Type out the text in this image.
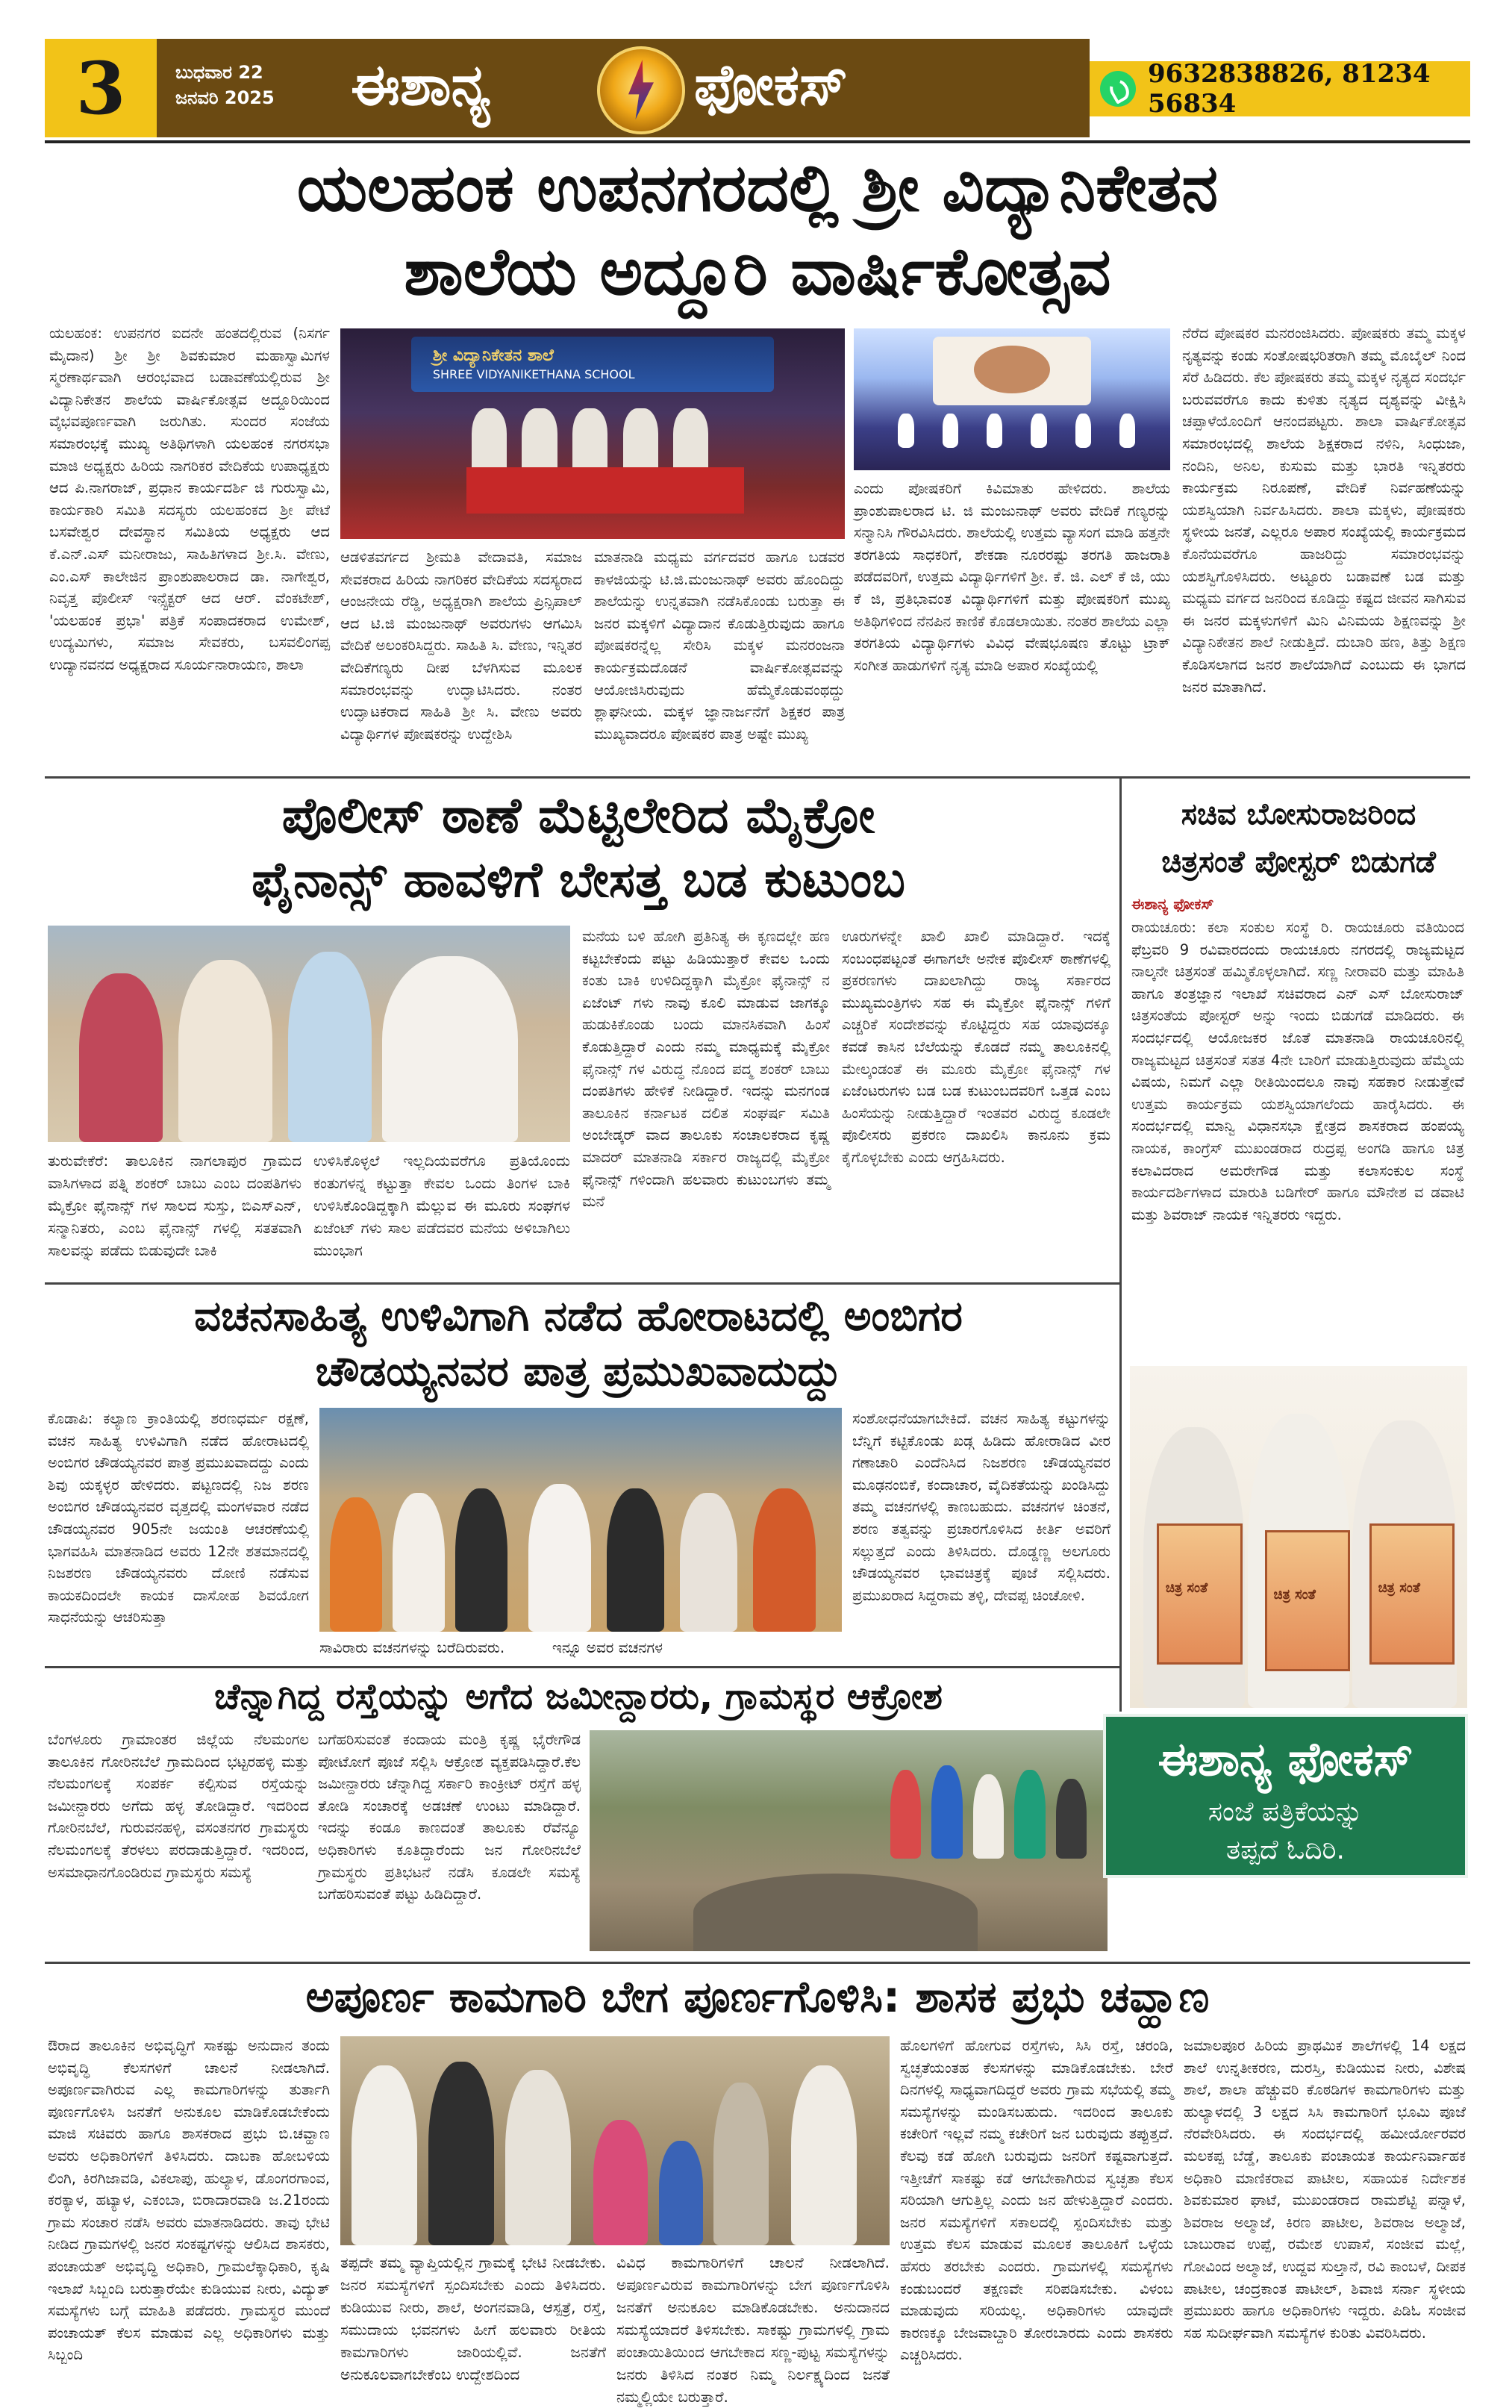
3	ಬುಧವಾರ 22
ಜನವರಿ 2025	ಈಶಾನ್ಯ	ಫೋಕಸ್	9632838826, 81234 56834
ಯಲಹಂಕ ಉಪನಗರದಲ್ಲಿ ಶ್ರೀ ವಿದ್ಯಾನಿಕೇತನ
ಶಾಲೆಯ ಅದ್ದೂರಿ ವಾರ್ಷಿಕೋತ್ಸವ
ಯಲಹಂಕ: ಉಪನಗರ ಐದನೇ ಹಂತದಲ್ಲಿರುವ (ನಿಸರ್ಗ ಮೈದಾನ) ಶ್ರೀ ಶ್ರೀ ಶಿವಕುಮಾರ ಮಹಾಸ್ವಾಮಿಗಳ ಸ್ಮರಣಾರ್ಥವಾಗಿ ಆರಂಭವಾದ ಬಡಾವಣೆಯಲ್ಲಿರುವ ಶ್ರೀ ವಿದ್ಯಾನಿಕೇತನ ಶಾಲೆಯ ವಾರ್ಷಿಕೋತ್ಸವ ಅದ್ದೂರಿಯಿಂದ ವೈಭವಪೂರ್ಣವಾಗಿ ಜರುಗಿತು. ಸುಂದರ ಸಂಜೆಯ ಸಮಾರಂಭಕ್ಕೆ ಮುಖ್ಯ ಅತಿಥಿಗಳಾಗಿ ಯಲಹಂಕ ನಗರಸಭಾ ಮಾಜಿ ಅಧ್ಯಕ್ಷರು ಹಿರಿಯ ನಾಗರಿಕರ ವೇದಿಕೆಯ ಉಪಾಧ್ಯಕ್ಷರು ಆದ ಪಿ.ನಾಗರಾಜ್, ಪ್ರಧಾನ ಕಾರ್ಯದರ್ಶಿ ಜಿ ಗುರುಸ್ವಾಮಿ, ಕಾರ್ಯಕಾರಿ ಸಮಿತಿ ಸದಸ್ಯರು ಯಲಹಂಕದ ಶ್ರೀ ಪೇಟೆ ಬಸವೇಶ್ವರ ದೇವಸ್ಥಾನ ಸಮಿತಿಯ ಅಧ್ಯಕ್ಷರು ಆದ ಕೆ.ಎನ್.ಎಸ್ ಮನೀರಾಜು, ಸಾಹಿತಿಗಳಾದ ಶ್ರೀ.ಸಿ. ವೇಣು, ಎಂ.ಎಸ್ ಕಾಲೇಜಿನ ಪ್ರಾಂಶುಪಾಲರಾದ ಡಾ. ನಾಗೇಶ್ವರ, ನಿವೃತ್ತ ಪೊಲೀಸ್ ಇನ್ಸ್ಪೆಕ್ಟರ್ ಆದ ಆರ್. ವೆಂಕಟೇಶ್, 'ಯಲಹಂಕ ಪ್ರಭಾ' ಪತ್ರಿಕೆ ಸಂಪಾದಕರಾದ ಉಮೇಶ್, ಉದ್ಯಮಿಗಳು, ಸಮಾಜ ಸೇವಕರು, ಬಸವಲಿಂಗಪ್ಪ ಉದ್ಯಾನವನದ ಅಧ್ಯಕ್ಷರಾದ ಸೂರ್ಯನಾರಾಯಣ, ಶಾಲಾ
ಶ್ರೀ ವಿದ್ಯಾನಿಕೇತನ ಶಾಲೆ
SHREE VIDYANIKETHANA SCHOOL
ಆಡಳಿತವರ್ಗದ ಶ್ರೀಮತಿ ವೇದಾವತಿ, ಸಮಾಜ ಸೇವಕರಾದ ಹಿರಿಯ ನಾಗರಿಕರ ವೇದಿಕೆಯ ಸದಸ್ಯರಾದ ಆಂಜನೇಯ ರೆಡ್ಡಿ, ಅಧ್ಯಕ್ಷರಾಗಿ ಶಾಲೆಯ ಪ್ರಿನ್ಸಿಪಾಲ್ ಆದ ಟಿ.ಜಿ ಮಂಜುನಾಥ್ ಅವರುಗಳು ಆಗಮಿಸಿ ವೇದಿಕೆ ಅಲಂಕರಿಸಿದ್ದರು. ಸಾಹಿತಿ ಸಿ. ವೇಣು, ಇನ್ನಿತರ ವೇದಿಕೆಗಣ್ಯರು ದೀಪ ಬೆಳಗಿಸುವ ಮೂಲಕ ಸಮಾರಂಭವನ್ನು ಉದ್ಘಾಟಿಸಿದರು. ನಂತರ ಉದ್ಘಾಟಕರಾದ ಸಾಹಿತಿ ಶ್ರೀ ಸಿ. ವೇಣು ಅವರು ವಿದ್ಯಾರ್ಥಿಗಳ ಪೋಷಕರನ್ನು ಉದ್ದೇಶಿಸಿ
ಮಾತನಾಡಿ ಮಧ್ಯಮ ವರ್ಗದವರ ಹಾಗೂ ಬಡವರ ಕಾಳಜಿಯನ್ನು ಟಿ.ಜಿ.ಮಂಜುನಾಥ್ ಅವರು ಹೊಂದಿದ್ದು ಶಾಲೆಯನ್ನು ಉನ್ನತವಾಗಿ ನಡೆಸಿಕೊಂಡು ಬರುತ್ತಾ ಈ ಜನರ ಮಕ್ಕಳಿಗೆ ವಿದ್ಯಾದಾನ ಕೊಡುತ್ತಿರುವುದು ಹಾಗೂ ಪೋಷಕರನ್ನೆಲ್ಲ ಸೇರಿಸಿ ಮಕ್ಕಳ ಮನರಂಜನಾ ಕಾರ್ಯಕ್ರಮದೊಡನೆ ವಾರ್ಷಿಕೋತ್ಸವವನ್ನು ಆಯೋಜಿಸಿರುವುದು ಹೆಮ್ಮೆಕೊಡುವಂಥದ್ದು ಶ್ಲಾಘನೀಯ. ಮಕ್ಕಳ ಜ್ಞಾನಾರ್ಜನೆಗೆ ಶಿಕ್ಷಕರ ಪಾತ್ರ ಮುಖ್ಯವಾದರೂ ಪೋಷಕರ ಪಾತ್ರ ಅಷ್ಟೇ ಮುಖ್ಯ
ಎಂದು ಪೋಷಕರಿಗೆ ಕಿವಿಮಾತು ಹೇಳಿದರು. ಶಾಲೆಯ ಪ್ರಾಂಶುಪಾಲರಾದ ಟಿ. ಜಿ ಮಂಜುನಾಥ್ ಅವರು ವೇದಿಕೆ ಗಣ್ಯರನ್ನು ಸನ್ಮಾನಿಸಿ ಗೌರವಿಸಿದರು. ಶಾಲೆಯಲ್ಲಿ ಉತ್ತಮ ವ್ಯಾಸಂಗ ಮಾಡಿ ಹತ್ತನೇ ತರಗತಿಯ ಸಾಧಕರಿಗೆ, ಶೇಕಡಾ ನೂರರಷ್ಟು ತರಗತಿ ಹಾಜರಾತಿ ಪಡೆದವರಿಗೆ, ಉತ್ತಮ ವಿದ್ಯಾರ್ಥಿಗಳಿಗೆ ಶ್ರೀ. ಕೆ. ಜಿ. ಎಲ್ ಕೆ ಜಿ, ಯು ಕೆ ಜಿ, ಪ್ರತಿಭಾವಂತ ವಿದ್ಯಾರ್ಥಿಗಳಿಗೆ ಮತ್ತು ಪೋಷಕರಿಗೆ ಮುಖ್ಯ ಅತಿಥಿಗಳಿಂದ ನೆನಪಿನ ಕಾಣಿಕೆ ಕೊಡಲಾಯಿತು. ನಂತರ ಶಾಲೆಯ ಎಲ್ಲಾ ತರಗತಿಯ ವಿದ್ಯಾರ್ಥಿಗಳು ವಿವಿಧ ವೇಷಭೂಷಣ ತೊಟ್ಟು ಟ್ರಾಕ್ ಸಂಗೀತ ಹಾಡುಗಳಿಗೆ ನೃತ್ಯ ಮಾಡಿ ಅಪಾರ ಸಂಖ್ಯೆಯಲ್ಲಿ
ನೆರೆದ ಪೋಷಕರ ಮನರಂಜಿಸಿದರು. ಪೋಷಕರು ತಮ್ಮ ಮಕ್ಕಳ ನೃತ್ಯವನ್ನು ಕಂಡು ಸಂತೋಷಭರಿತರಾಗಿ ತಮ್ಮ ಮೊಬೈಲ್ ನಿಂದ ಸೆರೆ ಹಿಡಿದರು. ಕೆಲ ಪೋಷಕರು ತಮ್ಮ ಮಕ್ಕಳ ನೃತ್ಯದ ಸಂದರ್ಭ ಬರುವವರೆಗೂ ಕಾದು ಕುಳಿತು ನೃತ್ಯದ ದೃಶ್ಯವನ್ನು ವೀಕ್ಷಿಸಿ ಚಪ್ಪಾಳೆಯೊಂದಿಗೆ ಆನಂದಪಟ್ಟರು. ಶಾಲಾ ವಾರ್ಷಿಕೋತ್ಸವ ಸಮಾರಂಭದಲ್ಲಿ ಶಾಲೆಯ ಶಿಕ್ಷಕರಾದ ನಳಿನಿ, ಸಿಂಧುಜಾ, ನಂದಿನಿ, ಅನಿಲ, ಕುಸುಮ ಮತ್ತು ಭಾರತಿ ಇನ್ನಿತರರು ಕಾರ್ಯಕ್ರಮ ನಿರೂಪಣೆ, ವೇದಿಕೆ ನಿರ್ವಹಣೆಯನ್ನು ಯಶಸ್ವಿಯಾಗಿ ನಿರ್ವಹಿಸಿದರು. ಶಾಲಾ ಮಕ್ಕಳು, ಪೋಷಕರು ಸ್ಥಳೀಯ ಜನತೆ, ಎಲ್ಲರೂ ಅಪಾರ ಸಂಖ್ಯೆಯಲ್ಲಿ ಕಾರ್ಯಕ್ರಮದ ಕೊನೆಯವರೆಗೂ ಹಾಜರಿದ್ದು ಸಮಾರಂಭವನ್ನು ಯಶಸ್ವಿಗೊಳಿಸಿದರು. ಅಟ್ಟೂರು ಬಡಾವಣೆ ಬಡ ಮತ್ತು ಮಧ್ಯಮ ವರ್ಗದ ಜನರಿಂದ ಕೂಡಿದ್ದು ಕಷ್ಟದ ಜೀವನ ಸಾಗಿಸುವ ಈ ಜನರ ಮಕ್ಕಳುಗಳಿಗೆ ಮಿನಿ ವಿನಿಮಯ ಶಿಕ್ಷಣವನ್ನು ಶ್ರೀ ವಿದ್ಯಾನಿಕೇತನ ಶಾಲೆ ನೀಡುತ್ತಿದೆ. ದುಬಾರಿ ಹಣ, ತಿತ್ತು ಶಿಕ್ಷಣ ಕೊಡಿಸಲಾಗದ ಜನರ ಶಾಲೆಯಾಗಿದೆ ಎಂಬುದು ಈ ಭಾಗದ ಜನರ ಮಾತಾಗಿದೆ.
ಪೊಲೀಸ್ ಠಾಣೆ ಮೆಟ್ಟಿಲೇರಿದ ಮೈಕ್ರೋ
ಫೈನಾನ್ಸ್ ಹಾವಳಿಗೆ ಬೇಸತ್ತ ಬಡ ಕುಟುಂಬ
ತುರುವೇಕೆರೆ: ತಾಲೂಕಿನ ನಾಗಲಾಪುರ ಗ್ರಾಮದ ವಾಸಿಗಳಾದ ಪತ್ನಿ ಶಂಕರ್ ಬಾಬು ಎಂಬ ದಂಪತಿಗಳು ಮೈಕ್ರೋ ಫೈನಾನ್ಸ್ ಗಳ ಸಾಲದ ಸುಸ್ತು, ಬಿಎಸ್ಎನ್, ಸನ್ಮಾನಿತರು, ಎಂಬ ಫೈನಾನ್ಸ್ ಗಳಲ್ಲಿ ಸತತವಾಗಿ ಸಾಲವನ್ನು ಪಡೆದು ಬಿಡುವುದೇ ಬಾಕಿ
ಉಳಿಸಿಕೊಳ್ಳಲೆ ಇಲ್ಲದಿಯವರೆಗೂ ಪ್ರತಿಯೊಂದು ಕಂತುಗಳನ್ನ ಕಟ್ಟುತ್ತಾ ಕೇವಲ ಒಂದು ತಿಂಗಳ ಬಾಕಿ ಉಳಿಸಿಕೊಂಡಿದ್ದಕ್ಕಾಗಿ ಮೆಲ್ಲುವ ಈ ಮೂರು ಸಂಘಗಳ ಏಜೆಂಟ್ ಗಳು ಸಾಲ ಪಡೆದವರ ಮನೆಯ ಅಳಿಬಾಗಿಲು ಮುಂಭಾಗ
ಮನೆಯ ಬಳಿ ಹೋಗಿ ಪ್ರತಿನಿತ್ಯ ಈ ಕೃಣದಲ್ಲೇ ಹಣ ಕಟ್ಟಬೇಕೆಂದು ಪಟ್ಟು ಹಿಡಿಯುತ್ತಾರೆ ಕೇವಲ ಒಂದು ಕಂತು ಬಾಕಿ ಉಳಿದಿದ್ದಕ್ಕಾಗಿ ಮೈಕ್ರೋ ಫೈನಾನ್ಸ್ ನ ಏಜೆಂಟ್ ಗಳು ನಾವು ಕೂಲಿ ಮಾಡುವ ಜಾಗಕ್ಕೂ ಹುಡುಕಿಕೊಂಡು ಬಂದು ಮಾನಸಿಕವಾಗಿ ಹಿಂಸೆ ಕೊಡುತ್ತಿದ್ದಾರೆ ಎಂದು ನಮ್ಮ ಮಾಧ್ಯಮಕ್ಕೆ ಮೈಕ್ರೋ ಫೈನಾನ್ಸ್ ಗಳ ವಿರುದ್ಧ ನೊಂದ ಪದ್ಮ ಶಂಕರ್ ಬಾಬು ದಂಪತಿಗಳು ಹೇಳಿಕೆ ನೀಡಿದ್ದಾರೆ. ಇದನ್ನು ಮನಗಂಡ ತಾಲೂಕಿನ ಕರ್ನಾಟಕ ದಲಿತ ಸಂಘರ್ಷ ಸಮಿತಿ ಅಂಬೇಡ್ಕರ್ ವಾದ ತಾಲೂಕು ಸಂಚಾಲಕರಾದ ಕೃಷ್ಣ ಮಾದರ್ ಮಾತನಾಡಿ ಸರ್ಕಾರ ರಾಜ್ಯದಲ್ಲಿ ಮೈಕ್ರೋ ಫೈನಾನ್ಸ್ ಗಳಿಂದಾಗಿ ಹಲವಾರು ಕುಟುಂಬಗಳು ತಮ್ಮ ಮನೆ
ಊರುಗಳನ್ನೇ ಖಾಲಿ ಖಾಲಿ ಮಾಡಿದ್ದಾರೆ. ಇದಕ್ಕೆ ಸಂಬಂಧಪಟ್ಟಂತೆ ಈಗಾಗಲೇ ಅನೇಕ ಪೊಲೀಸ್ ಠಾಣೆಗಳಲ್ಲಿ ಪ್ರಕರಣಗಳು ದಾಖಲಾಗಿದ್ದು ರಾಜ್ಯ ಸರ್ಕಾರದ ಮುಖ್ಯಮಂತ್ರಿಗಳು ಸಹ ಈ ಮೈಕ್ರೋ ಫೈನಾನ್ಸ್ ಗಳಿಗೆ ಎಚ್ಚರಿಕೆ ಸಂದೇಶವನ್ನು ಕೊಟ್ಟಿದ್ದರು ಸಹ ಯಾವುದಕ್ಕೂ ಕವಡೆ ಕಾಸಿನ ಬೆಲೆಯನ್ನು ಕೊಡದೆ ನಮ್ಮ ತಾಲೂಕಿನಲ್ಲಿ ಮೇಲ್ಕಂಡಂತೆ ಈ ಮೂರು ಮೈಕ್ರೋ ಫೈನಾನ್ಸ್ ಗಳ ಏಜೆಂಟರುಗಳು ಬಡ ಬಡ ಕುಟುಂಬದವರಿಗೆ ಒತ್ತಡ ಎಂಬ ಹಿಂಸೆಯನ್ನು ನೀಡುತ್ತಿದ್ದಾರೆ ಇಂತವರ ವಿರುದ್ಧ ಕೂಡಲೇ ಪೊಲೀಸರು ಪ್ರಕರಣ ದಾಖಲಿಸಿ ಕಾನೂನು ಕ್ರಮ ಕೈಗೊಳ್ಳಬೇಕು ಎಂದು ಆಗ್ರಹಿಸಿದರು.
ಸಚಿವ ಬೋಸುರಾಜರಿಂದ
ಚಿತ್ರಸಂತೆ ಪೋಸ್ಟರ್ ಬಿಡುಗಡೆ
ಈಶಾನ್ಯ ಫೋಕಸ್
ರಾಯಚೂರು: ಕಲಾ ಸಂಕುಲ ಸಂಸ್ಥೆ ರಿ. ರಾಯಚೂರು ವತಿಯಿಂದ ಫೆಬ್ರವರಿ 9 ರವಿವಾರದಂದು ರಾಯಚೂರು ನಗರದಲ್ಲಿ ರಾಜ್ಯಮಟ್ಟದ ನಾಲ್ಕನೇ ಚಿತ್ರಸಂತೆ ಹಮ್ಮಿಕೊಳ್ಳಲಾಗಿದೆ. ಸಣ್ಣ ನೀರಾವರಿ ಮತ್ತು ಮಾಹಿತಿ ಹಾಗೂ ತಂತ್ರಜ್ಞಾನ ಇಲಾಖೆ ಸಚಿವರಾದ ಎನ್ ಎಸ್ ಬೋಸುರಾಜ್ ಚಿತ್ರಸಂತೆಯ ಪೋಸ್ಟರ್ ಅನ್ನು ಇಂದು ಬಿಡುಗಡೆ ಮಾಡಿದರು. ಈ ಸಂದರ್ಭದಲ್ಲಿ ಆಯೋಜಕರ ಜೊತೆ ಮಾತನಾಡಿ ರಾಯಚೂರಿನಲ್ಲಿ ರಾಜ್ಯಮಟ್ಟದ ಚಿತ್ರಸಂತೆ ಸತತ 4ನೇ ಬಾರಿಗೆ ಮಾಡುತ್ತಿರುವುದು ಹೆಮ್ಮೆಯ ವಿಷಯ, ನಿಮಗೆ ಎಲ್ಲಾ ರೀತಿಯಿಂದಲೂ ನಾವು ಸಹಕಾರ ನೀಡುತ್ತೇವೆ ಉತ್ತಮ ಕಾರ್ಯಕ್ರಮ ಯಶಸ್ವಿಯಾಗಲೆಂದು ಹಾರೈಸಿದರು. ಈ ಸಂದರ್ಭದಲ್ಲಿ ಮಾನ್ವಿ ವಿಧಾನಸಭಾ ಕ್ಷೇತ್ರದ ಶಾಸಕರಾದ ಹಂಪಯ್ಯ ನಾಯಕ, ಕಾಂಗ್ರೆಸ್ ಮುಖಂಡರಾದ ರುದ್ರಪ್ಪ ಅಂಗಡಿ ಹಾಗೂ ಚಿತ್ರ ಕಲಾವಿದರಾದ ಅಮರೇಗೌಡ ಮತ್ತು ಕಲಾಸಂಕುಲ ಸಂಸ್ಥೆ ಕಾರ್ಯದರ್ಶಿಗಳಾದ ಮಾರುತಿ ಬಡಿಗೇರ್ ಹಾಗೂ ಮೌನೇಶ ವ ಡವಾಟಿ ಮತ್ತು ಶಿವರಾಜ್ ನಾಯಕ ಇನ್ನಿತರರು ಇದ್ದರು.
ಚಿತ್ರ ಸಂತೆ	ಚಿತ್ರ ಸಂತೆ	ಚಿತ್ರ ಸಂತೆ
ವಚನಸಾಹಿತ್ಯ ಉಳಿವಿಗಾಗಿ ನಡೆದ ಹೋರಾಟದಲ್ಲಿ ಅಂಬಿಗರ
ಚೌಡಯ್ಯನವರ ಪಾತ್ರ ಪ್ರಮುಖವಾದುದ್ದು
ಕೊಡಾಪಿ: ಕಲ್ಯಾಣ ಕ್ರಾಂತಿಯಲ್ಲಿ ಶರಣಧರ್ಮ ರಕ್ಷಣೆ, ವಚನ ಸಾಹಿತ್ಯ ಉಳಿವಿಗಾಗಿ ನಡೆದ ಹೋರಾಟದಲ್ಲಿ ಅಂಬಿಗರ ಚೌಡಯ್ಯನವರ ಪಾತ್ರ ಪ್ರಮುಖವಾದದ್ದು ಎಂದು ಶಿವು ಯಕ್ಕಳ್ಳರ ಹೇಳಿದರು. ಪಟ್ಟಣದಲ್ಲಿ ನಿಜ ಶರಣ ಅಂಬಿಗರ ಚೌಡಯ್ಯನವರ ವೃತ್ತದಲ್ಲಿ ಮಂಗಳವಾರ ನಡೆದ ಚೌಡಯ್ಯನವರ 905ನೇ ಜಯಂತಿ ಆಚರಣೆಯಲ್ಲಿ ಭಾಗವಹಿಸಿ ಮಾತನಾಡಿದ ಅವರು 12ನೇ ಶತಮಾನದಲ್ಲಿ ನಿಜಶರಣ ಚೌಡಯ್ಯನವರು ದೋಣಿ ನಡೆಸುವ ಕಾಯಕದಿಂದಲೇ ಕಾಯಕ ದಾಸೋಹ ಶಿವಯೋಗ ಸಾಧನೆಯನ್ನು ಆಚರಿಸುತ್ತಾ
ಸಾವಿರಾರು ವಚನಗಳನ್ನು ಬರೆದಿರುವರು.          ಇನ್ನೂ ಅವರ ವಚನಗಳ
ಸಂಶೋಧನೆಯಾಗಬೇಕಿದೆ. ವಚನ ಸಾಹಿತ್ಯ ಕಟ್ಟುಗಳನ್ನು ಬೆನ್ನಿಗೆ ಕಟ್ಟಿಕೊಂಡು ಖಡ್ಗ ಹಿಡಿದು ಹೋರಾಡಿದ ವೀರ ಗಣಾಚಾರಿ ಎಂದೆನಿಸಿದ ನಿಜಶರಣ ಚೌಡಯ್ಯನವರ ಮೂಢನಂಬಿಕೆ, ಕಂದಾಚಾರ, ವೈದಿಕತೆಯನ್ನು ಖಂಡಿಸಿದ್ದು ತಮ್ಮ ವಚನಗಳಲ್ಲಿ ಕಾಣಬಹುದು. ವಚನಗಳ ಚಿಂತನೆ, ಶರಣ ತತ್ವವನ್ನು ಪ್ರಚಾರಗೊಳಿಸಿದ ಕೀರ್ತಿ ಅವರಿಗೆ ಸಲ್ಲುತ್ತದೆ ಎಂದು ತಿಳಿಸಿದರು. ದೊಡ್ಡಣ್ಣ ಅಲಗೂರು ಚೌಡಯ್ಯನವರ ಭಾವಚಿತ್ರಕ್ಕೆ ಪೂಜೆ ಸಲ್ಲಿಸಿದರು. ಪ್ರಮುಖರಾದ ಸಿದ್ದರಾಮ ತಳ್ಳಿ, ದೇವಪ್ಪ ಚಿಂಚೋಳಿ.
ಚೆನ್ನಾಗಿದ್ದ ರಸ್ತೆಯನ್ನು ಅಗೆದ ಜಮೀನ್ದಾರರು, ಗ್ರಾಮಸ್ಥರ ಆಕ್ರೋಶ
ಬೆಂಗಳೂರು ಗ್ರಾಮಾಂತರ ಜಿಲ್ಲೆಯ ನೆಲಮಂಗಲ ತಾಲೂಕಿನ ಗೋರಿನಬೆಲೆ ಗ್ರಾಮದಿಂದ ಭಟ್ಟರಹಳ್ಳಿ ಮತ್ತು ನೆಲಮಂಗಲಕ್ಕೆ ಸಂಪರ್ಕ ಕಲ್ಪಿಸುವ ರಸ್ತೆಯನ್ನು ಜಮೀನ್ದಾರರು ಅಗೆದು ಹಳ್ಳ ತೋಡಿದ್ದಾರೆ. ಇದರಿಂದ ಗೋರಿನಬೆಲೆ, ಗುರುವನಹಳ್ಳಿ, ವಸಂತನಗರ ಗ್ರಾಮಸ್ಥರು ನೆಲಮಂಗಲಕ್ಕೆ ತೆರಳಲು ಪರದಾಡುತ್ತಿದ್ದಾರೆ. ಇದರಿಂದ, ಅಸಮಾಧಾನಗೊಂಡಿರುವ ಗ್ರಾಮಸ್ಥರು ಸಮಸ್ಯೆ
ಬಗೆಹರಿಸುವಂತೆ ಕಂದಾಯ ಮಂತ್ರಿ ಕೃಷ್ಣ ಭೈರೇಗೌಡ ಪೋಟೋಗೆ ಪೂಜೆ ಸಲ್ಲಿಸಿ ಆಕ್ರೋಶ ವ್ಯಕ್ತಪಡಿಸಿದ್ದಾರೆ.ಕೆಲ ಜಮೀನ್ದಾರರು ಚೆನ್ನಾಗಿದ್ದ ಸರ್ಕಾರಿ ಕಾಂಕ್ರೀಟ್ ರಸ್ತೆಗೆ ಹಳ್ಳ ತೋಡಿ ಸಂಚಾರಕ್ಕೆ ಅಡಚಣೆ ಉಂಟು ಮಾಡಿದ್ದಾರೆ. ಇದನ್ನು ಕಂಡೂ ಕಾಣದಂತೆ ತಾಲೂಕು ರೆವೆನ್ಯೂ ಅಧಿಕಾರಿಗಳು ಕೂತಿದ್ದಾರೆಂದು ಜನ ಗೋರಿನಬೆಲೆ ಗ್ರಾಮಸ್ಥರು ಪ್ರತಿಭಟನೆ ನಡೆಸಿ ಕೂಡಲೇ ಸಮಸ್ಯೆ ಬಗೆಹರಿಸುವಂತೆ ಪಟ್ಟು ಹಿಡಿದಿದ್ದಾರೆ.
ಈಶಾನ್ಯ ಫೋಕಸ್
ಸಂಜೆ ಪತ್ರಿಕೆಯನ್ನು
ತಪ್ಪದೆ ಓದಿರಿ.
ಅಪೂರ್ಣ ಕಾಮಗಾರಿ ಬೇಗ ಪೂರ್ಣಗೊಳಿಸಿ: ಶಾಸಕ ಪ್ರಭು ಚವ್ಹಾಣ
ಔರಾದ ತಾಲೂಕಿನ ಅಭಿವೃದ್ಧಿಗೆ ಸಾಕಷ್ಟು ಅನುದಾನ ತಂದು ಅಭಿವೃದ್ಧಿ ಕೆಲಸಗಳಿಗೆ ಚಾಲನೆ ನೀಡಲಾಗಿದೆ. ಅಪೂರ್ಣವಾಗಿರುವ ಎಲ್ಲ ಕಾಮಗಾರಿಗಳನ್ನು ತುರ್ತಾಗಿ ಪೂರ್ಣಗೊಳಿಸಿ ಜನತೆಗೆ ಅನುಕೂಲ ಮಾಡಿಕೊಡಬೇಕೆಂದು ಮಾಜಿ ಸಚಿವರು ಹಾಗೂ ಶಾಸಕರಾದ ಪ್ರಭು ಬಿ.ಚವ್ಹಾಣ ಅವರು ಅಧಿಕಾರಿಗಳಿಗೆ ತಿಳಿಸಿದರು. ದಾಬಕಾ ಹೋಬಳಿಯ ಲಿಂಗಿ, ಕಿರಗಿಜಾವಡಿ, ವಿಕಲಾಪು, ಹುಲ್ಯಾಳ, ಡೊಂಗರಗಾಂವ, ಕರಕ್ಯಾಳ, ಹಟ್ಯಾಳ, ಎಕಂಬಾ, ಬಿರಾದಾರವಾಡಿ ಜ.21ರಂದು ಗ್ರಾಮ ಸಂಚಾರ ನಡೆಸಿ ಅವರು ಮಾತನಾಡಿದರು. ತಾವು ಭೇಟಿ ನೀಡಿದ ಗ್ರಾಮಗಳಲ್ಲಿ ಜನರ ಸಂಕಷ್ಟಗಳನ್ನು ಆಲಿಸಿದ ಶಾಸಕರು, ಪಂಚಾಯತ್ ಅಭಿವೃದ್ಧಿ ಅಧಿಕಾರಿ, ಗ್ರಾಮಲೆಕ್ಕಾಧಿಕಾರಿ, ಕೃಷಿ ಇಲಾಖೆ ಸಿಬ್ಬಂದಿ ಬರುತ್ತಾರೆಯೇ ಕುಡಿಯುವ ನೀರು, ವಿದ್ಯುತ್ ಸಮಸ್ಯೆಗಳು ಬಗ್ಗೆ ಮಾಹಿತಿ ಪಡೆದರು. ಗ್ರಾಮಸ್ಥರ ಮುಂದೆ ಪಂಚಾಯತ್ ಕೆಲಸ ಮಾಡುವ ಎಲ್ಲ ಅಧಿಕಾರಿಗಳು ಮತ್ತು ಸಿಬ್ಬಂದಿ
ತಪ್ಪದೇ ತಮ್ಮ ವ್ಯಾಪ್ತಿಯಲ್ಲಿನ ಗ್ರಾಮಕ್ಕೆ ಭೇಟಿ ನೀಡಬೇಕು. ಜನರ ಸಮಸ್ಯೆಗಳಿಗೆ ಸ್ಪಂದಿಸಬೇಕು ಎಂದು ತಿಳಿಸಿದರು. ಕುಡಿಯುವ ನೀರು, ಶಾಲೆ, ಅಂಗನವಾಡಿ, ಆಸ್ಪತ್ರೆ, ರಸ್ತೆ, ಸಮುದಾಯ ಭವನಗಳು ಹೀಗೆ ಹಲವಾರು ರೀತಿಯ ಕಾಮಗಾರಿಗಳು ಜಾರಿಯಲ್ಲಿವೆ. ಜನತೆಗೆ ಅನುಕೂಲವಾಗಬೇಕೆಂಬ ಉದ್ದೇಶದಿಂದ
ವಿವಿಧ ಕಾಮಗಾರಿಗಳಿಗೆ ಚಾಲನೆ ನೀಡಲಾಗಿದೆ. ಅಪೂರ್ಣವಿರುವ ಕಾಮಗಾರಿಗಳನ್ನು ಬೇಗ ಪೂರ್ಣಗೊಳಿಸಿ ಜನತೆಗೆ ಅನುಕೂಲ ಮಾಡಿಕೊಡಬೇಕು. ಅನುದಾನದ ಸಮಸ್ಯೆಯಾದರೆ ತಿಳಿಸಬೇಕು. ಸಾಕಷ್ಟು ಗ್ರಾಮಗಳಲ್ಲಿ ಗ್ರಾಮ ಪಂಚಾಯಿತಿಯಿಂದ ಆಗಬೇಕಾದ ಸಣ್ಣ-ಪುಟ್ಟ ಸಮಸ್ಯೆಗಳನ್ನು ಜನರು ತಿಳಿಸಿದ ನಂತರ ನಿಮ್ಮ ನಿರ್ಲಕ್ಷ್ಯದಿಂದ ಜನತೆ ನಮ್ಮಲ್ಲಿಯೇ ಬರುತ್ತಾರೆ.
ಹೊಲಗಳಿಗೆ ಹೋಗುವ ರಸ್ತೆಗಳು, ಸಿಸಿ ರಸ್ತೆ, ಚರಂಡಿ, ಸ್ವಚ್ಛತೆಯಂತಹ ಕೆಲಸಗಳನ್ನು ಮಾಡಿಕೊಡಬೇಕು. ಬೇರೆ ದಿನಗಳಲ್ಲಿ ಸಾಧ್ಯವಾಗದಿದ್ದರೆ ಅವರು ಗ್ರಾಮ ಸಭೆಯಲ್ಲಿ ತಮ್ಮ ಸಮಸ್ಯೆಗಳನ್ನು ಮಂಡಿಸಬಹುದು. ಇದರಿಂದ ತಾಲೂಕು ಕಚೇರಿಗೆ ಇಲ್ಲವೆ ನಮ್ಮ ಕಚೇರಿಗೆ ಜನ ಬರುವುದು ತಪ್ಪುತ್ತದೆ. ಕೆಲವು ಕಡೆ ಹೋಗಿ ಬರುವುದು ಜನರಿಗೆ ಕಷ್ಟವಾಗುತ್ತದೆ. ಇತ್ತೀಚೆಗೆ ಸಾಕಷ್ಟು ಕಡೆ ಆಗಬೇಕಾಗಿರುವ ಸ್ವಚ್ಛತಾ ಕೆಲಸ ಸರಿಯಾಗಿ ಆಗುತ್ತಿಲ್ಲ ಎಂದು ಜನ ಹೇಳುತ್ತಿದ್ದಾರೆ ಎಂದರು. ಜನರ ಸಮಸ್ಯೆಗಳಿಗೆ ಸಕಾಲದಲ್ಲಿ ಸ್ಪಂದಿಸಬೇಕು ಮತ್ತು ಉತ್ತಮ ಕೆಲಸ ಮಾಡುವ ಮೂಲಕ ತಾಲೂಕಿಗೆ ಒಳ್ಳೆಯ ಹೆಸರು ತರಬೇಕು ಎಂದರು. ಗ್ರಾಮಗಳಲ್ಲಿ ಸಮಸ್ಯೆಗಳು ಕಂಡುಬಂದರೆ ತಕ್ಷಣವೇ ಸರಿಪಡಿಸಬೇಕು. ವಿಳಂಬ ಮಾಡುವುದು ಸರಿಯಲ್ಲ. ಅಧಿಕಾರಿಗಳು ಯಾವುದೇ ಕಾರಣಕ್ಕೂ ಬೇಜವಾಬ್ದಾರಿ ತೋರಬಾರದು ಎಂದು ಶಾಸಕರು ಎಚ್ಚರಿಸಿದರು.
ಜಮಾಲಪೂರ ಹಿರಿಯ ಪ್ರಾಥಮಿಕ ಶಾಲೆಗಳಲ್ಲಿ 14 ಲಕ್ಷದ ಶಾಲೆ ಉನ್ನತೀಕರಣ, ದುರಸ್ತಿ, ಕುಡಿಯುವ ನೀರು, ವಿಶೇಷ ಶಾಲೆ, ಶಾಲಾ ಹೆಚ್ಚುವರಿ ಕೊಠಡಿಗಳ ಕಾಮಗಾರಿಗಳು ಮತ್ತು ಹುಲ್ಯಾಳದಲ್ಲಿ 3 ಲಕ್ಷದ ಸಿಸಿ ಕಾಮಗಾರಿಗೆ ಭೂಮಿ ಪೂಜೆ ನೆರವೇರಿಸಿದರು. ಈ ಸಂದರ್ಭದಲ್ಲಿ ಹಮೀರ್ಯೋರವರ ಮಲಕಪ್ಪ ಬೆಡ್ಡೆ, ತಾಲೂಕು ಪಂಚಾಯತ ಕಾರ್ಯನಿರ್ವಾಹಕ ಅಧಿಕಾರಿ ಮಾಣಿಕರಾವ ಪಾಟೀಲ, ಸಹಾಯಕ ನಿರ್ದೇಶಕ ಶಿವಕುಮಾರ ಘಾಟೆ, ಮುಖಂಡರಾದ ರಾಮಶೆಟ್ಟಿ ಪನ್ನಾಳೆ, ಶಿವರಾಜ ಅಲ್ಮಾಜೆ, ಕಿರಣ ಪಾಟೀಲ, ಶಿವರಾಜ ಅಲ್ಮಾಜೆ, ಬಾಬುರಾವ ಉಪ್ಪೆ, ರಮೇಶ ಉಪಾಸೆ, ಸಂಜೀವ ಮಲ್ಲೆ, ಗೋವಿಂದ ಅಲ್ಮಾಜೆ, ಉದ್ದವ ಸುಲ್ತಾನೆ, ರವಿ ಕಾಂಬಳೆ, ದೀಪಕ ಪಾಟೀಲ, ಚಂದ್ರಕಾಂತ ಪಾಟೀಲ್, ಶಿವಾಜಿ ಸರ್ನಾ ಸ್ಥಳೀಯ ಪ್ರಮುಖರು ಹಾಗೂ ಅಧಿಕಾರಿಗಳು ಇದ್ದರು. ಪಿಡಿಓ ಸಂಜೀವ ಸಹ ಸುದೀರ್ಘವಾಗಿ ಸಮಸ್ಯೆಗಳ ಕುರಿತು ವಿವರಿಸಿದರು.
